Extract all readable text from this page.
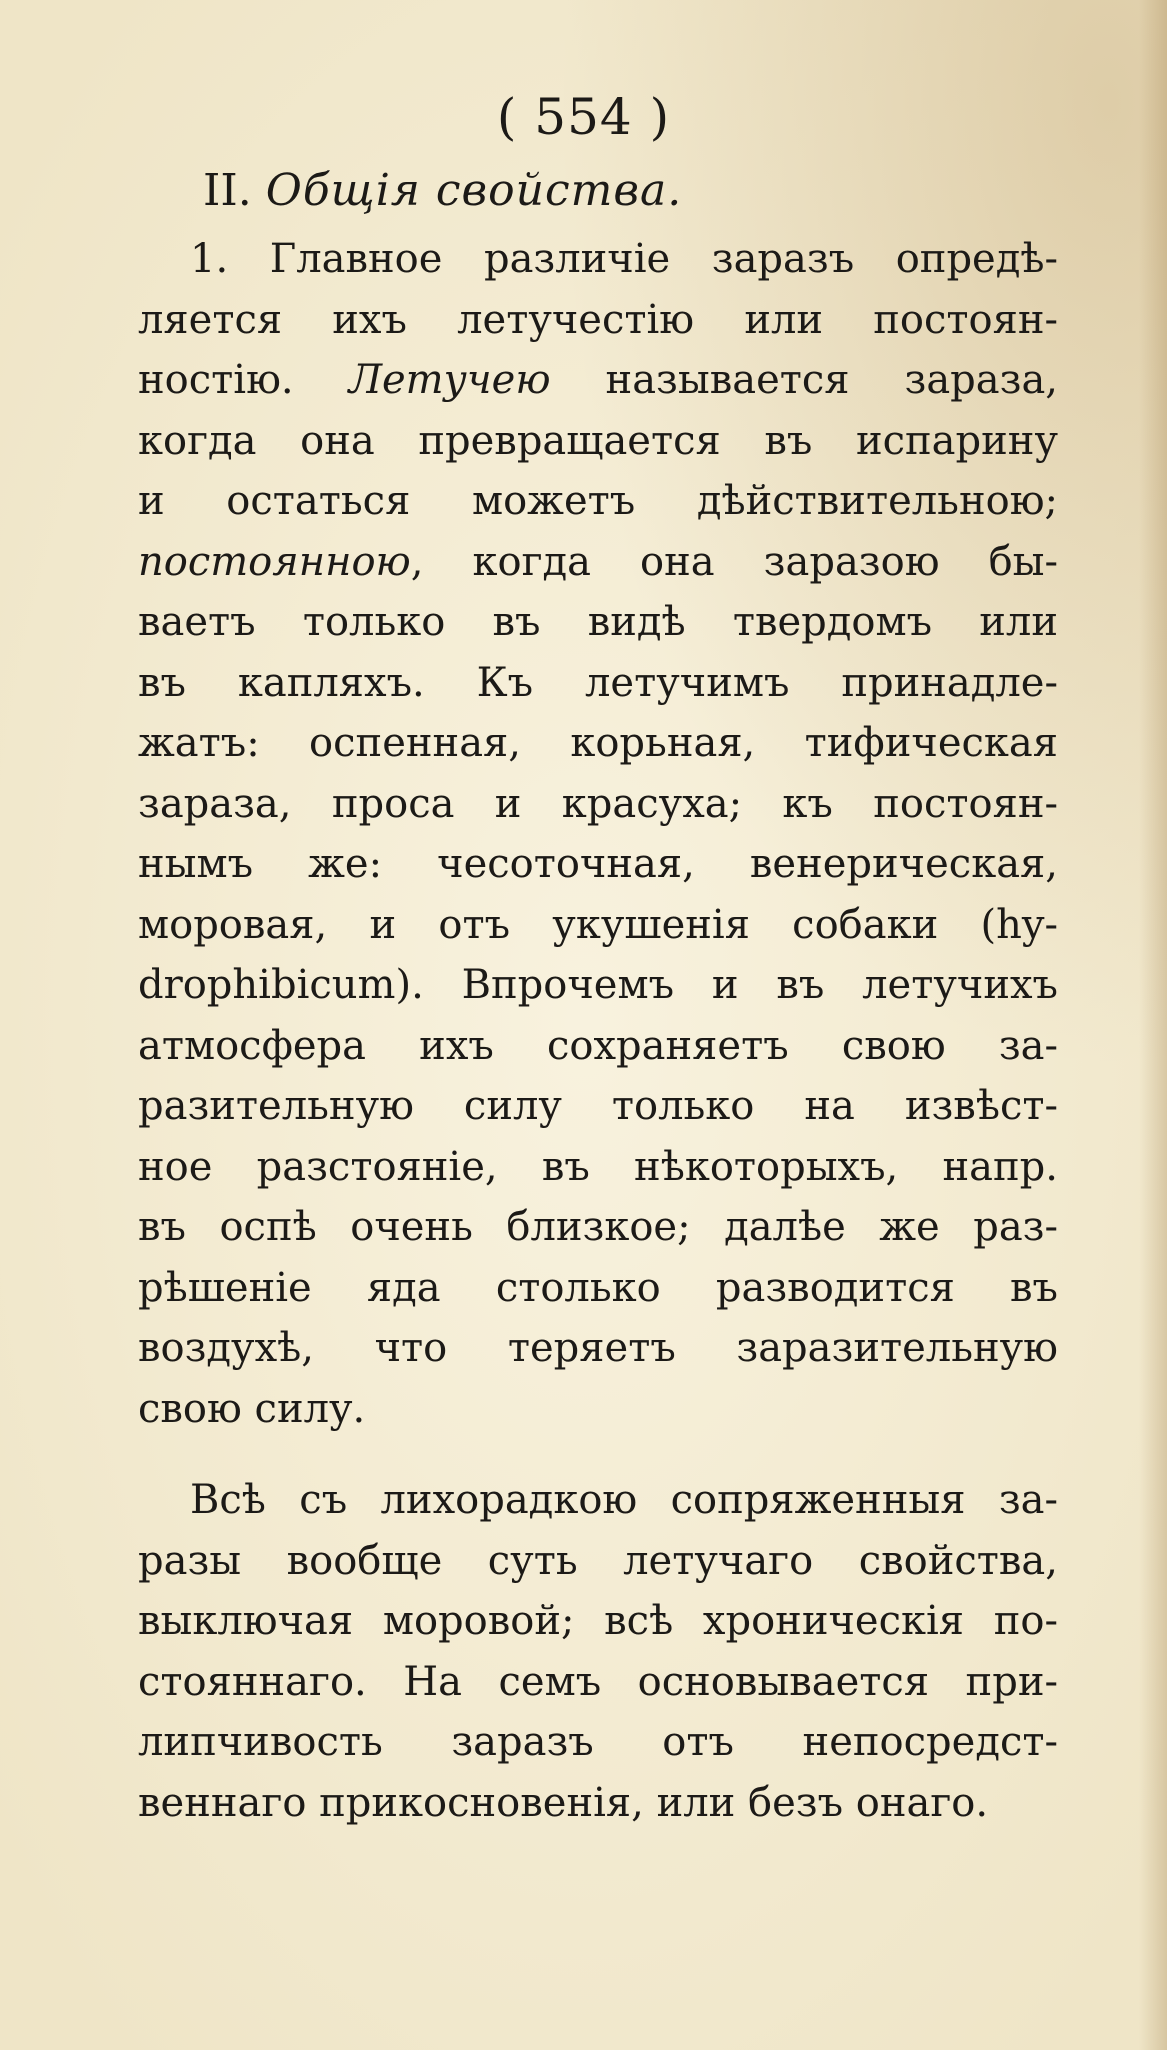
( 554 )
II. Общія свойства.
1. Главное различіе заразъ опредѣ-
ляется ихъ летучестію или постоян-
ностію. Летучею называется зараза,
когда она превращается въ испарину
и остаться можетъ дѣйствительною;
постоянною, когда она заразою бы-
ваетъ только въ видѣ твердомъ или
въ капляхъ. Къ летучимъ принадле-
жатъ: оспенная, корьная, тифическая
зараза, проса и красуха; къ постоян-
нымъ же: чесоточная, венерическая,
моровая, и отъ укушенія собаки (hy-
drophibicum). Впрочемъ и въ летучихъ
атмосфера ихъ сохраняетъ свою за-
разительную силу только на извѣст-
ное разстояніе, въ нѣкоторыхъ, напр.
въ оспѣ очень близкое; далѣе же раз-
рѣшеніе яда столько разводится въ
воздухѣ, что теряетъ заразительную
свою силу.
Всѣ съ лихорадкою сопряженныя за-
разы вообще суть летучаго свойства,
выключая моровой; всѣ хроническія по-
стояннаго. На семъ основывается при-
липчивость заразъ отъ непосредст-
веннаго прикосновенія, или безъ онаго.
